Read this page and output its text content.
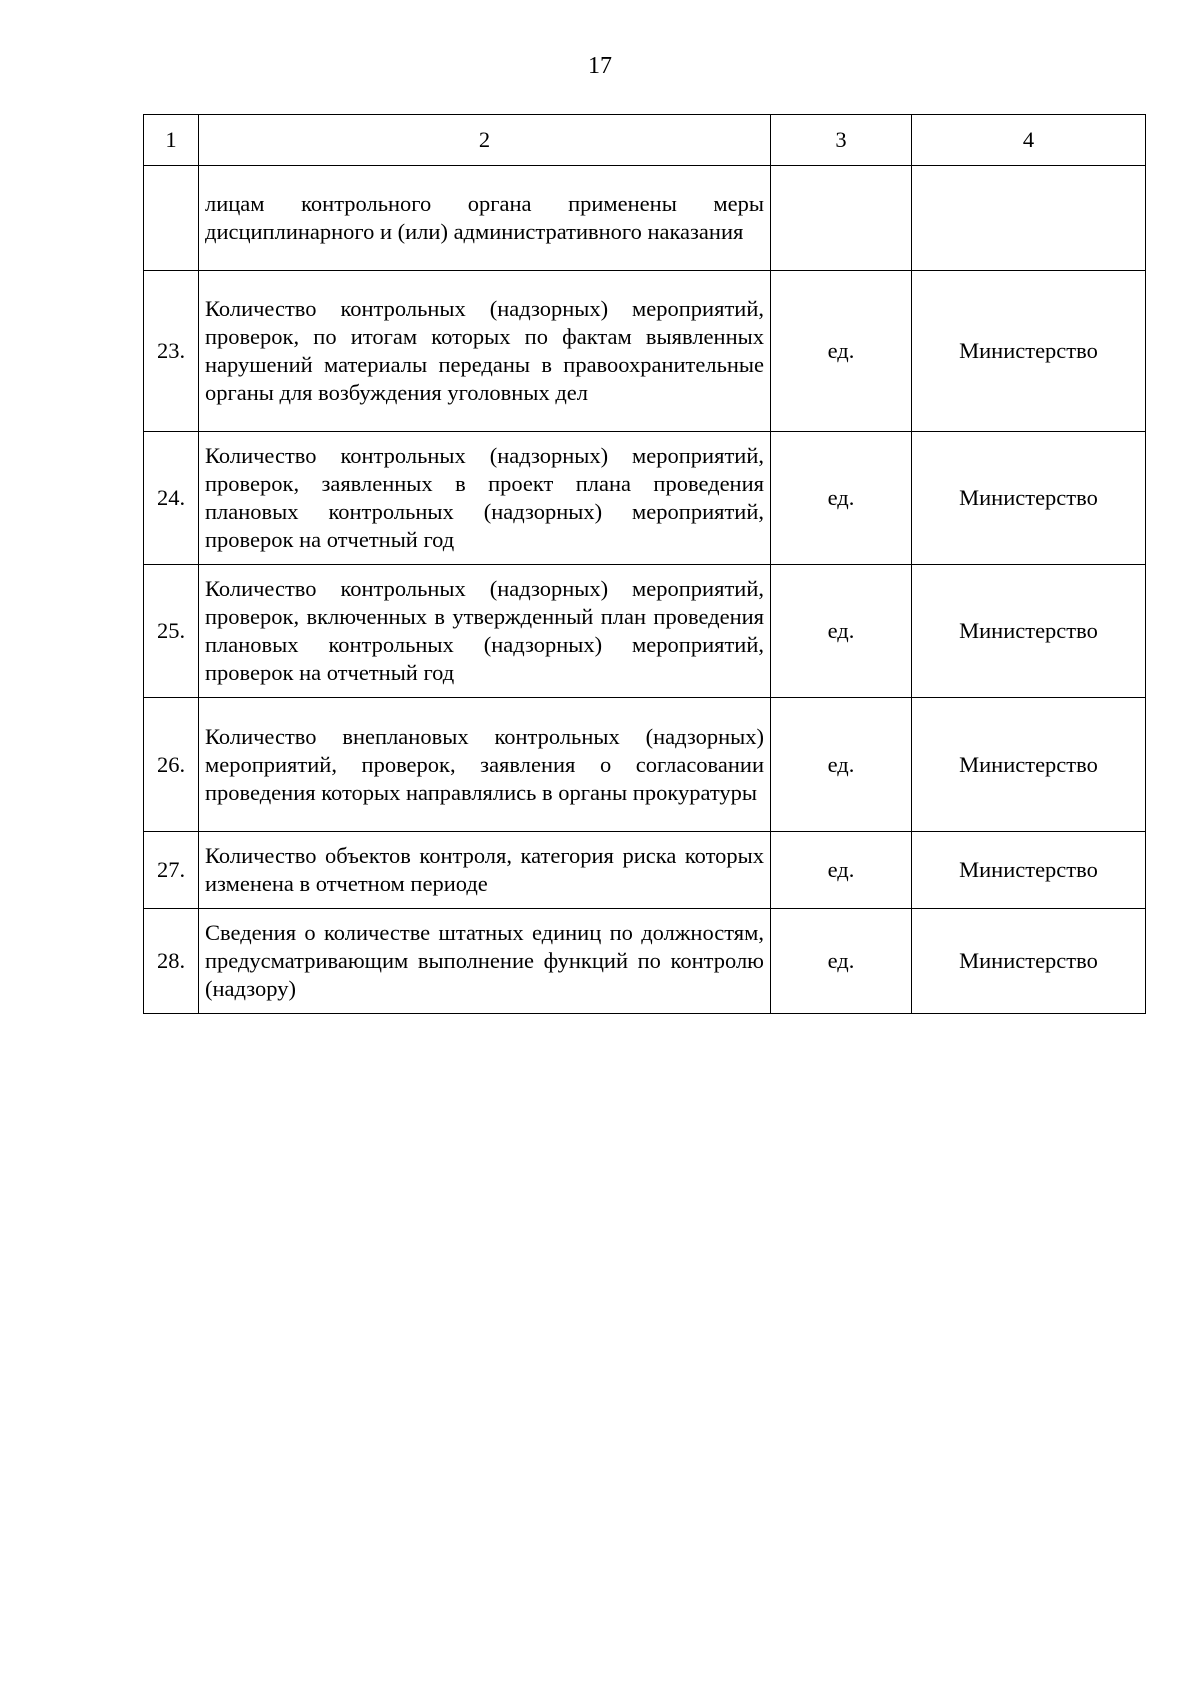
17
1	2	3	4
	лицам контрольного органа применены меры дисциплинарного и (или) административного наказания		
23.	Количество контрольных (надзорных) мероприятий, проверок, по итогам которых по фактам выявленных нарушений материалы переданы в правоохранительные органы для возбуждения уголовных дел	ед.	Министерство
24.	Количество контрольных (надзорных) мероприятий, проверок, заявленных в проект плана проведения плановых контрольных (надзорных) мероприятий, проверок на отчетный год	ед.	Министерство
25.	Количество контрольных (надзорных) мероприятий, проверок, включенных в утвержденный план проведения плановых контрольных (надзорных) мероприятий, проверок на отчетный год	ед.	Министерство
26.	Количество внеплановых контрольных (надзорных) мероприятий, проверок, заявления о согласовании проведения которых направлялись в органы прокуратуры	ед.	Министерство
27.	Количество объектов контроля, категория риска которых изменена в отчетном периоде	ед.	Министерство
28.	Сведения о количестве штатных единиц по должностям, предусматривающим выполнение функций по контролю (надзору)	ед.	Министерство
